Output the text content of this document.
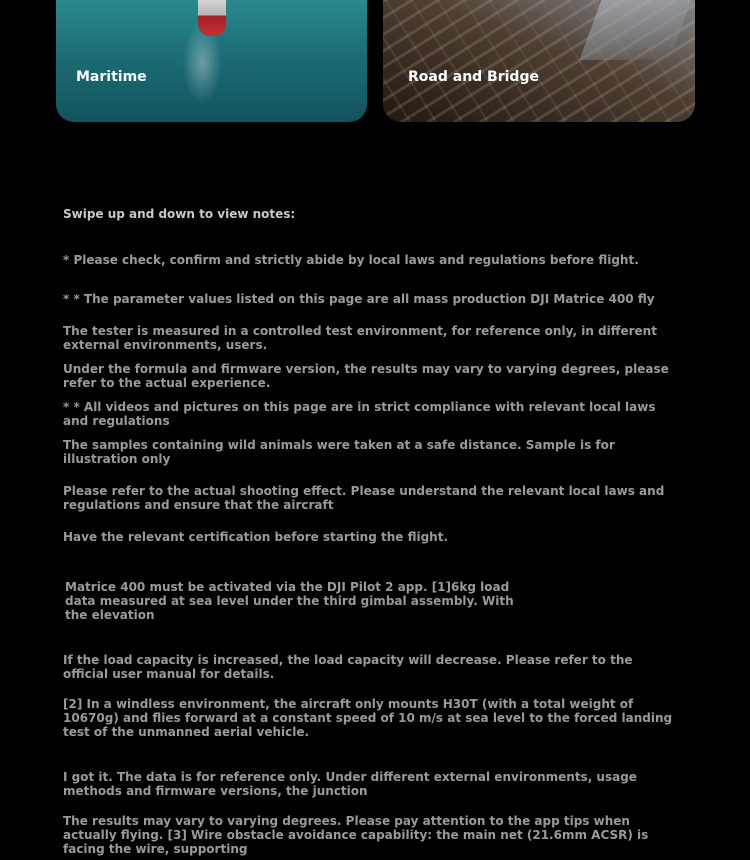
Maritime	Road and Bridge

Swipe up and down to view notes:

* Please check, confirm and strictly abide by local laws and regulations before flight.

* * The parameter values listed on this page are all mass production DJI Matrice 400 fly

The tester is measured in a controlled test environment, for reference only, in different external environments, users.

Under the formula and firmware version, the results may vary to varying degrees, please refer to the actual experience.

* * All videos and pictures on this page are in strict compliance with relevant local laws and regulations

The samples containing wild animals were taken at a safe distance. Sample is for illustration only

Please refer to the actual shooting effect. Please understand the relevant local laws and regulations and ensure that the aircraft

Have the relevant certification before starting the flight.

Matrice 400 must be activated via the DJI Pilot 2 app. [1]6kg load data measured at sea level under the third gimbal assembly. With the elevation

If the load capacity is increased, the load capacity will decrease. Please refer to the official user manual for details.

[2] In a windless environment, the aircraft only mounts H30T (with a total weight of 10670g) and flies forward at a constant speed of 10 m/s at sea level to the forced landing test of the unmanned aerial vehicle.

I got it. The data is for reference only. Under different external environments, usage methods and firmware versions, the junction

The results may vary to varying degrees. Please pay attention to the app tips when actually flying. [3] Wire obstacle avoidance capability: the main net (21.6mm ACSR) is facing the wire, supporting
